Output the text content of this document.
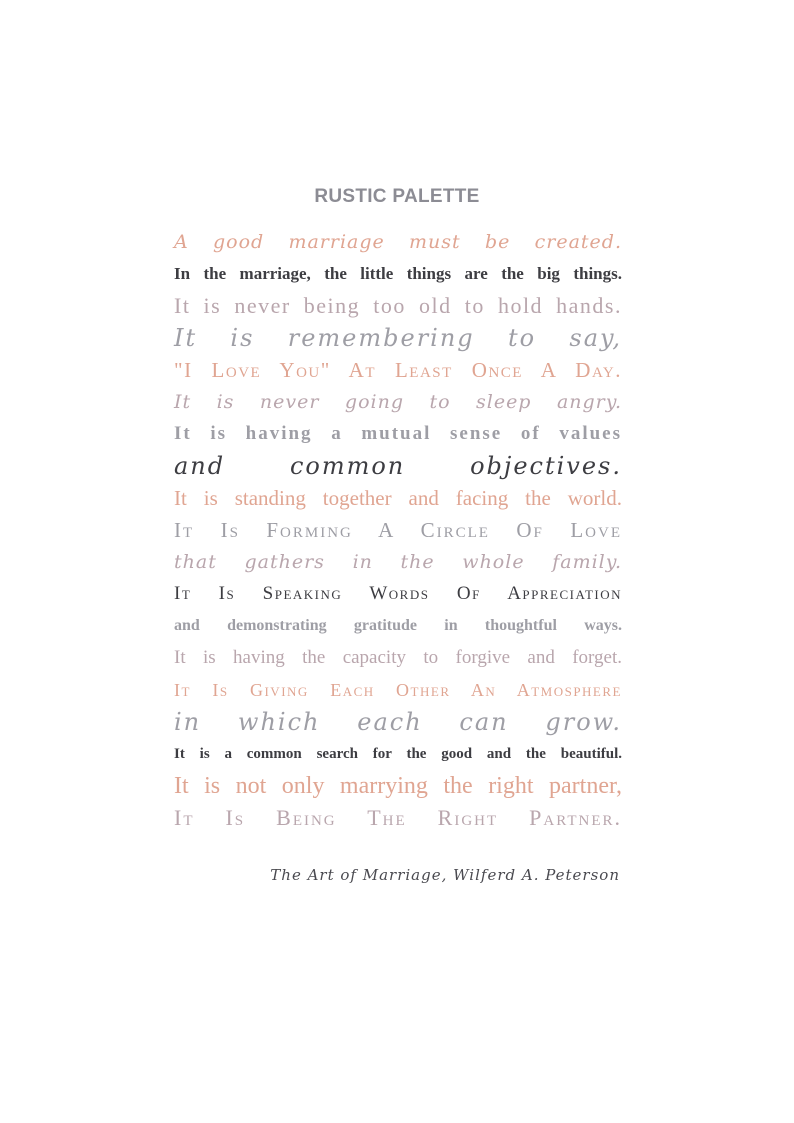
RUSTIC PALETTE
A good marriage must be created.
In the marriage, the little things are the big things.
It is never being too old to hold hands.
It is remembering to say,
"I Love You" At Least Once A Day.
It is never going to sleep angry.
It is having a mutual sense of values
and common objectives.
It is standing together and facing the world.
It Is Forming A Circle Of Love
that gathers in the whole family.
It Is Speaking Words Of Appreciation
and demonstrating gratitude in thoughtful ways.
It is having the capacity to forgive and forget.
It Is Giving Each Other An Atmosphere
in which each can grow.
It is a common search for the good and the beautiful.
It is not only marrying the right partner,
It Is Being The Right Partner.
The Art of Marriage, Wilferd A. Peterson
